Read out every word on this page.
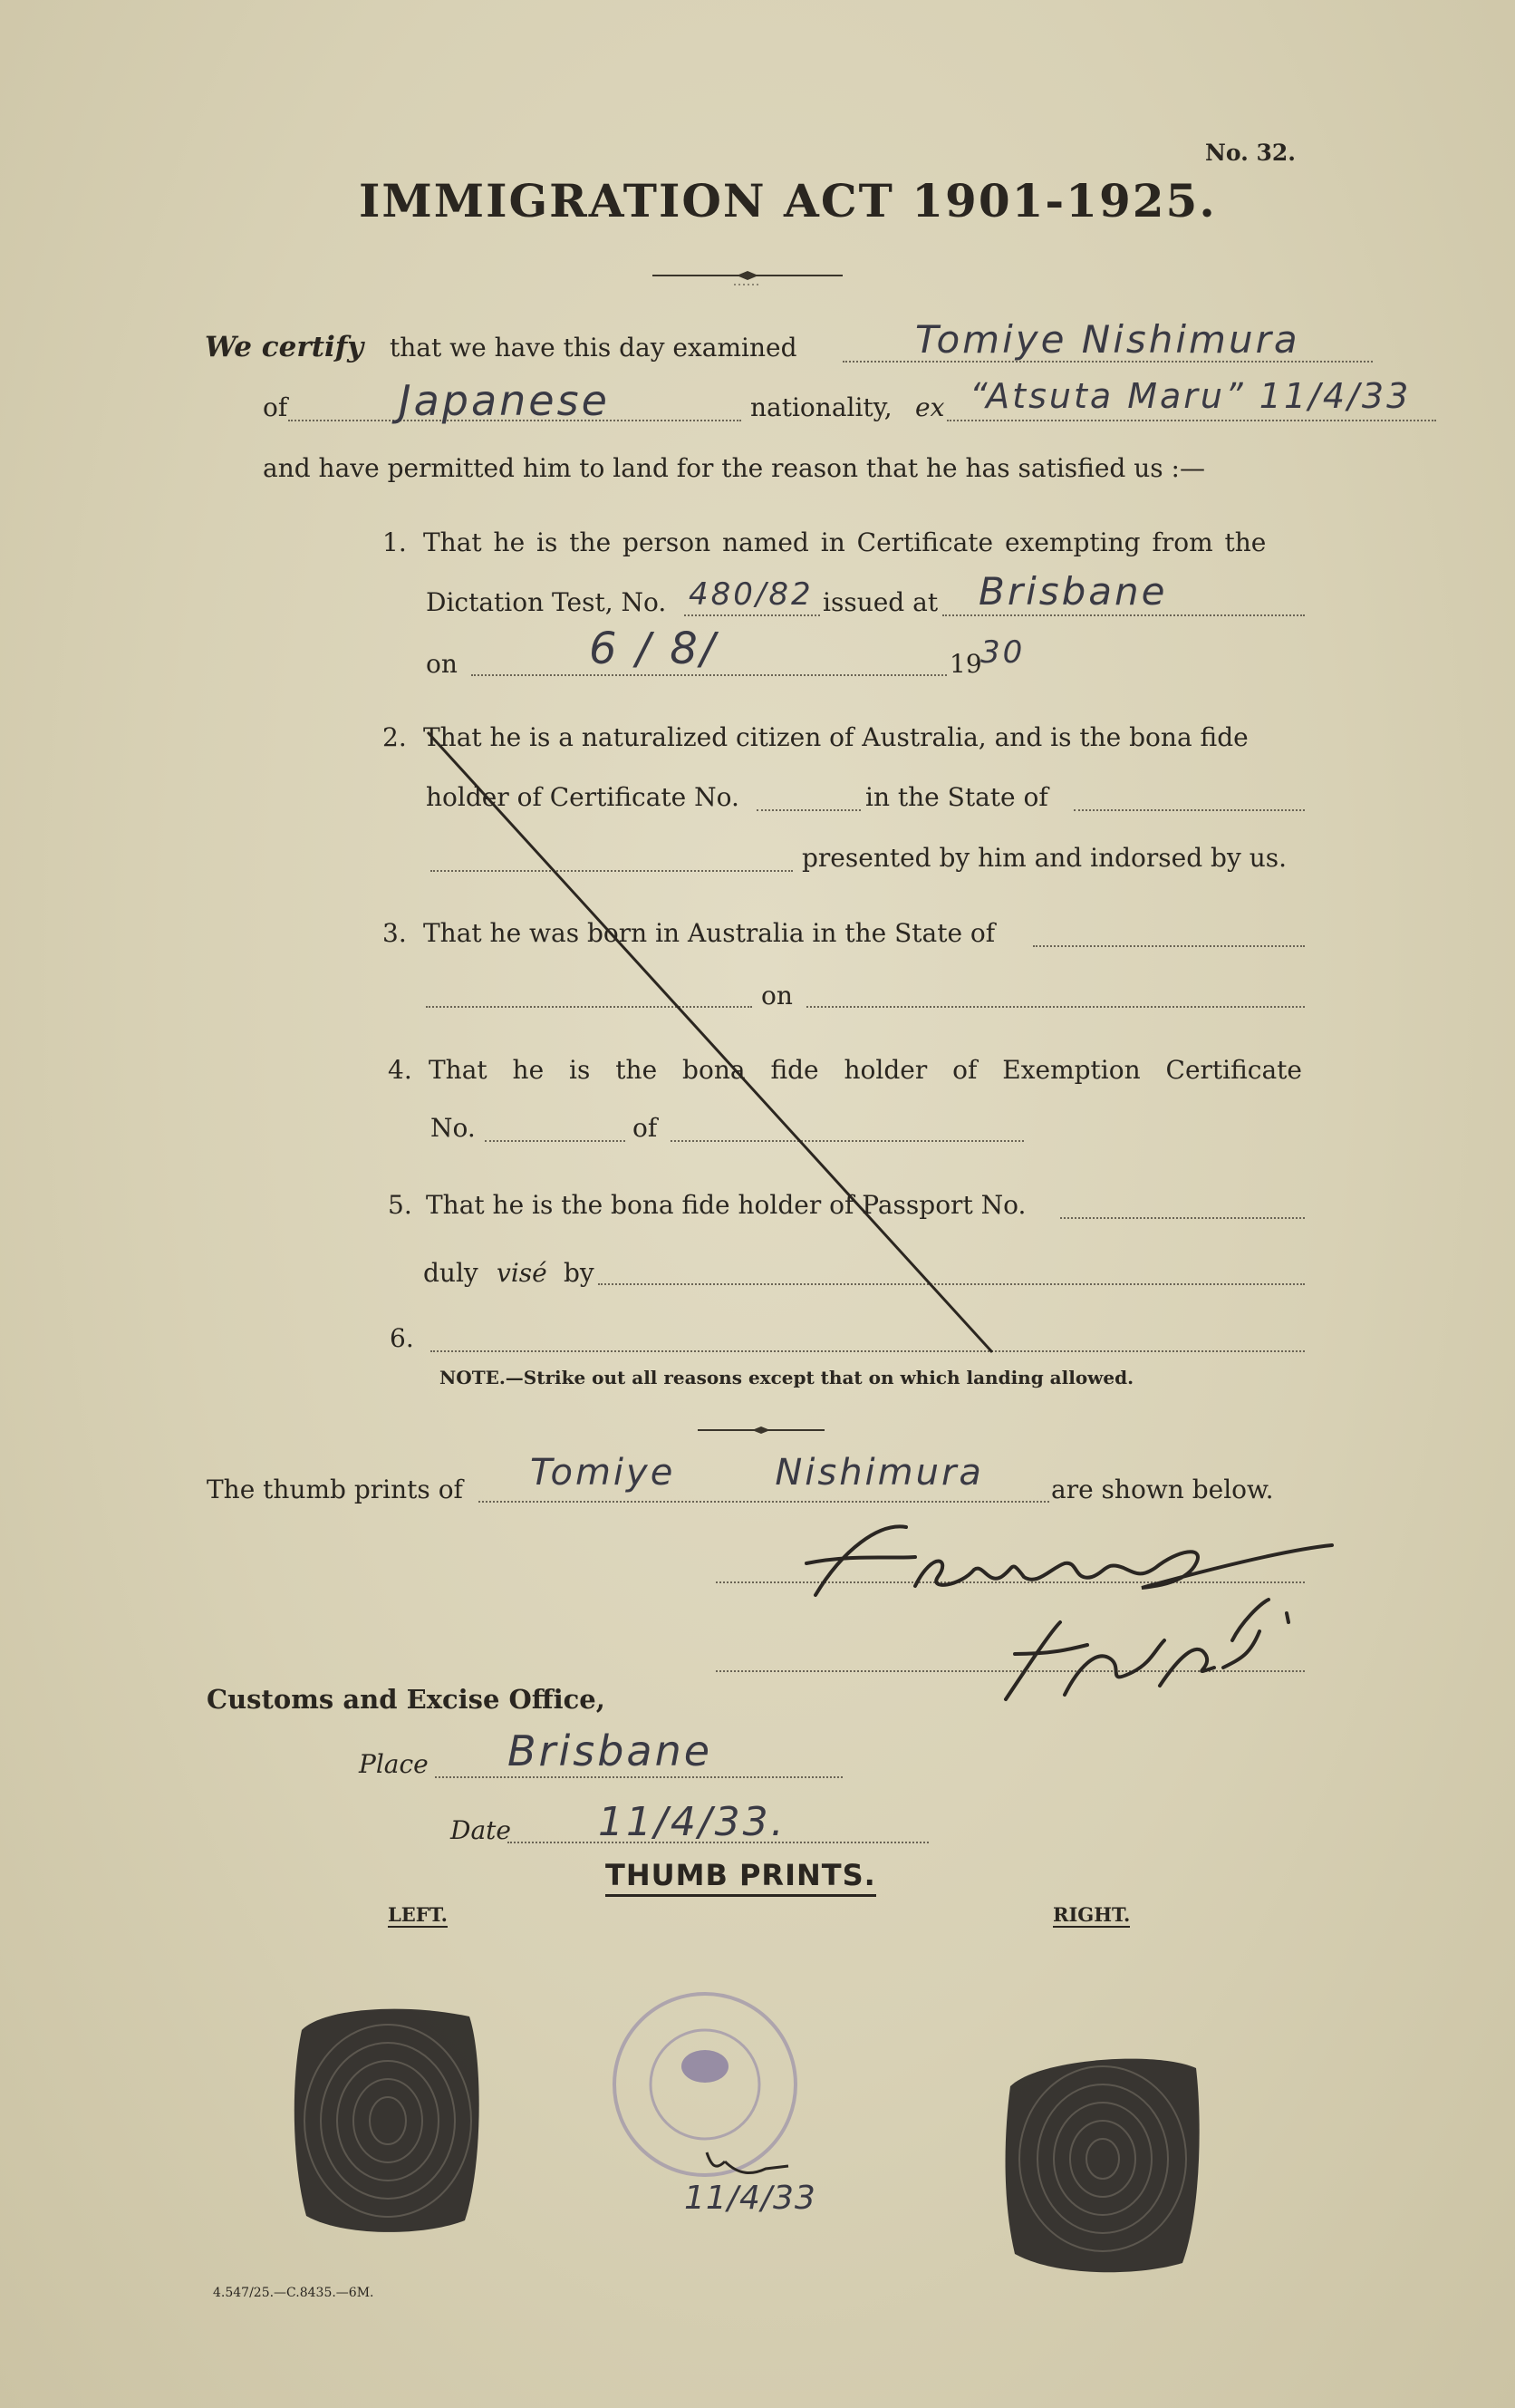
No. 32.
IMMIGRATION ACT 1901-1925.
We certify that we have this day examined	Tomiye Nishimura
of	Japanese	nationality, ex “Atsuta Maru” 11/4/33
and have permitted him to land for the reason that he has satisfied us :—
1. That he is the person named in Certificate exempting from the
Dictation Test, No. 480/82 issued at Brisbane
on	6 / 8/	19
30
2. That he is a naturalized citizen of Australia, and is the bona fide
holder of Certificate No.	in the State of
presented by him and indorsed by us.
3. That he was born in Australia in the State of
on
4. That he is the bona fide holder of Exemption Certificate
No.	of
5. That he is the bona fide holder of Passport No.
duly visé by
6.
NOTE.—Strike out all reasons except that on which landing allowed.
The thumb prints of Tomiye       Nishimura	are shown below.
Customs and Excise Office,
Place Brisbane
Date 11/4/33.
THUMB PRINTS.
LEFT.	RIGHT.
11/4/33
4.547/25.—C.8435.—6M.
